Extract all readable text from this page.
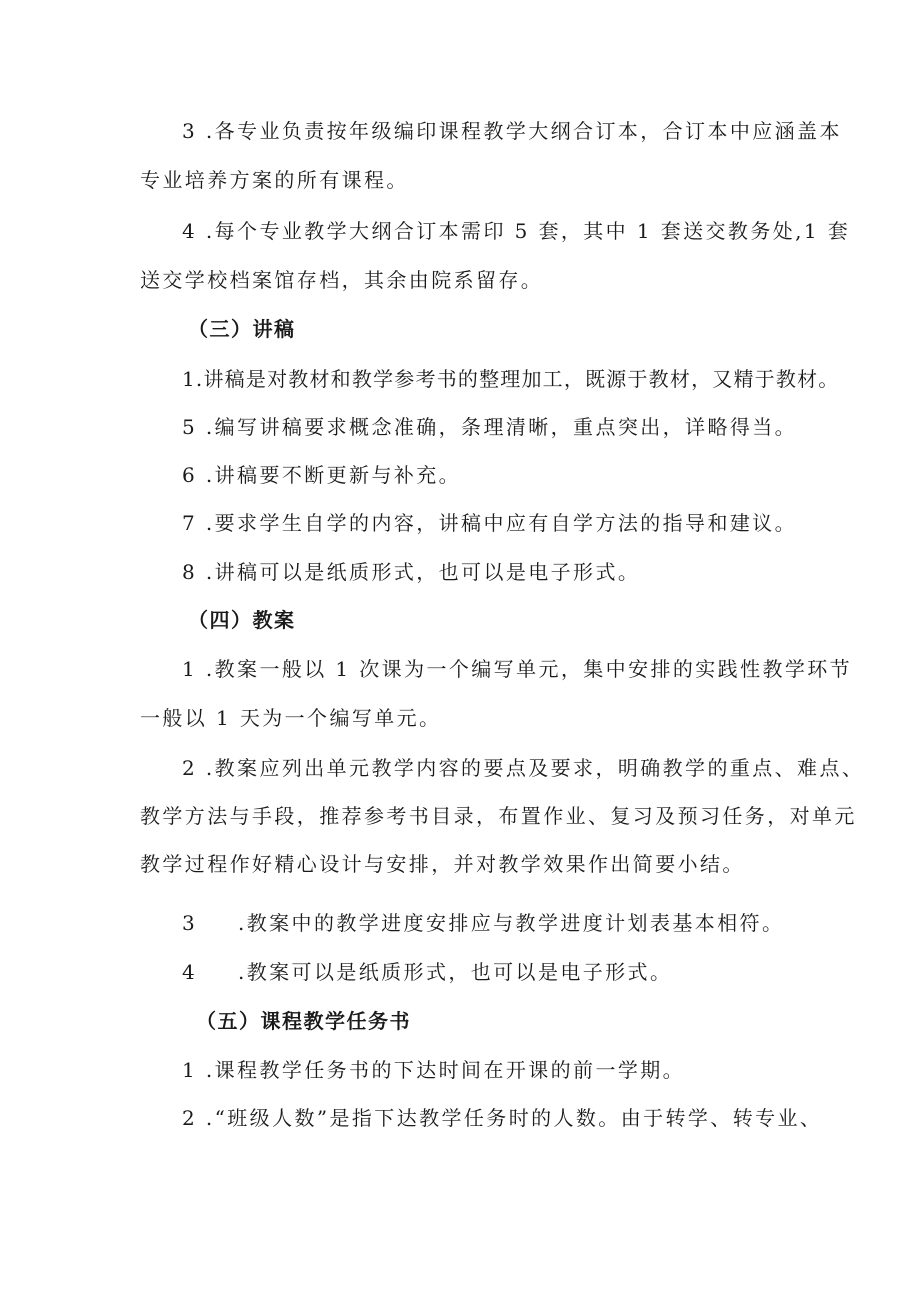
3 .各专业负责按年级编印课程教学大纲合订本，合订本中应涵盖本
专业培养方案的所有课程。
4 .每个专业教学大纲合订本需印 5 套，其中 1 套送交教务处,1 套
送交学校档案馆存档，其余由院系留存。
（三）讲稿
1.讲稿是对教材和教学参考书的整理加工，既源于教材，又精于教材。
5 .编写讲稿要求概念准确，条理清晰，重点突出，详略得当。
6 .讲稿要不断更新与补充。
7 .要求学生自学的内容，讲稿中应有自学方法的指导和建议。
8 .讲稿可以是纸质形式，也可以是电子形式。
（四）教案
1 .教案一般以 1 次课为一个编写单元，集中安排的实践性教学环节
一般以 1 天为一个编写单元。
2 .教案应列出单元教学内容的要点及要求，明确教学的重点、难点、
教学方法与手段，推荐参考书目录，布置作业、复习及预习任务，对单元
教学过程作好精心设计与安排，并对教学效果作出简要小结。
3 .教案中的教学进度安排应与教学进度计划表基本相符。
4 .教案可以是纸质形式，也可以是电子形式。
（五）课程教学任务书
1 .课程教学任务书的下达时间在开课的前一学期。
2 .“班级人数”是指下达教学任务时的人数。由于转学、转专业、
